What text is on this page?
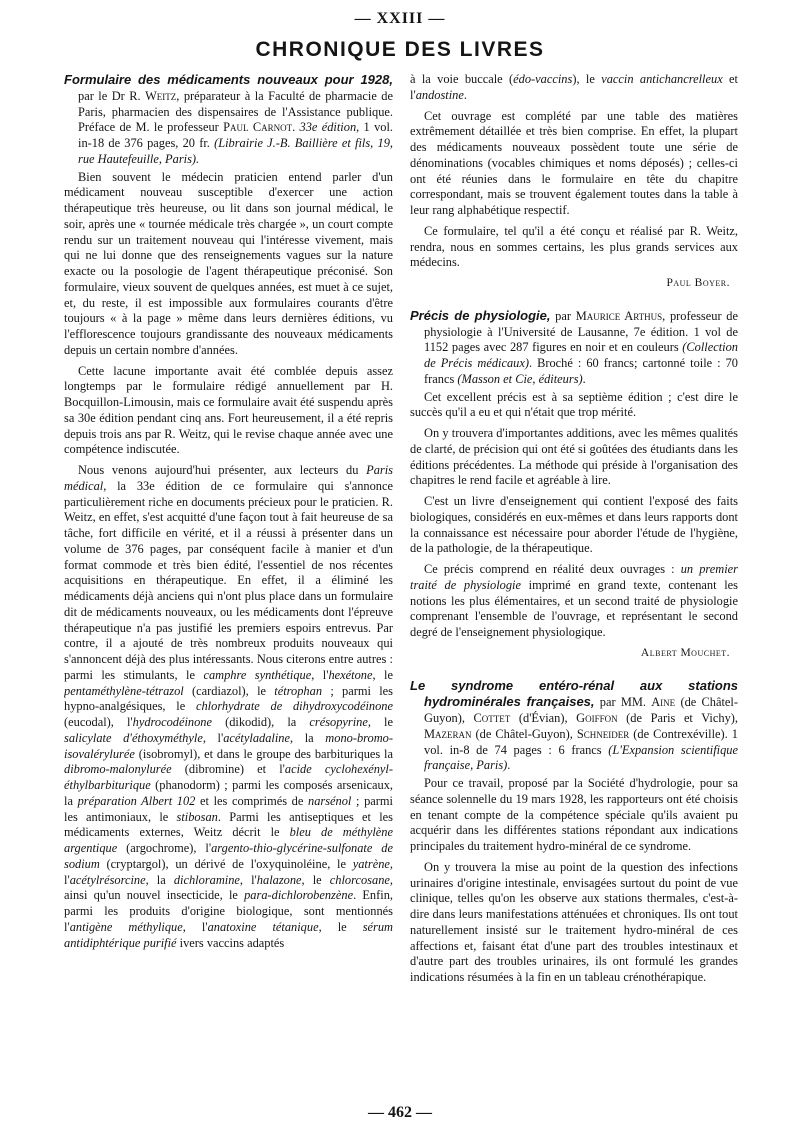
— XXIII —
CHRONIQUE DES LIVRES

Formulaire des médicaments nouveaux pour 1928, par le Dr R. Weitz, préparateur à la Faculté de pharmacie de Paris, pharmacien des dispensaires de l'Assistance publique. Préface de M. le professeur Paul Carnot. 33e édition, 1 vol. in-18 de 376 pages, 20 fr. (Librairie J.-B. Baillière et fils, 19, rue Hautefeuille, Paris).

Bien souvent le médecin praticien entend parler d'un médicament nouveau susceptible d'exercer une action thérapeutique très heureuse, ou lit dans son journal médical, le soir, après une « tournée médicale très chargée », un court compte rendu sur un traitement nouveau qui l'intéresse vivement, mais qui ne lui donne que des renseignements vagues sur la nature exacte ou la posologie de l'agent thérapeutique préconisé. Son formulaire, vieux souvent de quelques années, est muet à ce sujet, et, du reste, il est impossible aux formulaires courants d'être toujours « à la page » même dans leurs dernières éditions, vu l'efflorescence toujours grandissante des nouveaux médicaments depuis un certain nombre d'années.

Cette lacune importante avait été comblée depuis assez longtemps par le formulaire rédigé annuellement par H. Bocquillon-Limousin, mais ce formulaire avait été suspendu après sa 30e édition pendant cinq ans. Fort heureusement, il a été repris depuis trois ans par R. Weitz, qui le revise chaque année avec une compétence indiscutée.

Nous venons aujourd'hui présenter, aux lecteurs du Paris médical, la 33e édition de ce formulaire qui s'annonce particulièrement riche en documents précieux pour le praticien. R. Weitz, en effet, s'est acquitté d'une façon tout à fait heureuse de sa tâche, fort difficile en vérité, et il a réussi à présenter dans un volume de 376 pages, par conséquent facile à manier et d'un format commode et très bien édité, l'essentiel de nos récentes acquisitions en thérapeutique. En effet, il a éliminé les médicaments déjà anciens qui n'ont plus place dans un formulaire dit de médicaments nouveaux, ou les médicaments dont l'épreuve thérapeutique n'a pas justifié les premiers espoirs entrevus. Par contre, il a ajouté de très nombreux produits nouveaux qui s'annoncent déjà des plus intéressants. Nous citerons entre autres : parmi les stimulants, le camphre synthétique, l'hexétone, le pentaméthylène-tétrazol (cardiazol), le tétrophan ; parmi les hypno-analgésiques, le chlorhydrate de dihydroxycodéinone (eucodal), l'hydrocodéinone (dikodid), la crésopyrine, le salicylate d'éthoxyméthyle, l'acétyladaline, la mono-bromo-isovalérylurée (isobromyl), et dans le groupe des barbituriques la dibromo-malonylurée (dibromine) et l'acide cyclohexényl-éthylbarbiturique (phanodorm) ; parmi les composés arsenicaux, la préparation Albert 102 et les comprimés de narsénol ; parmi les antimoniaux, le stibosan. Parmi les antiseptiques et les médicaments externes, Weitz décrit le bleu de méthylène argentique (argochrome), l'argento-thio-glycérine-sulfonate de sodium (cryptargol), un dérivé de l'oxyquinoléine, le yatrène, l'acétylrésorcine, la dichloramine, l'halazone, le chlorcosane, ainsi qu'un nouvel insecticide, le para-dichlorobenzène. Enfin, parmi les produits d'origine biologique, sont mentionnés l'antigène méthylique, l'anatoxine tétanique, le sérum antidiphtérique purifié ivers vaccins adaptés

à la voie buccale (édo-vaccins), le vaccin antichancrelleux et l'andostine.

Cet ouvrage est complété par une table des matières extrêmement détaillée et très bien comprise. En effet, la plupart des médicaments nouveaux possèdent toute une série de dénominations (vocables chimiques et noms déposés) ; celles-ci ont été réunies dans le formulaire en tête du chapitre correspondant, mais se trouvent également toutes dans la table à leur rang alphabétique respectif.

Ce formulaire, tel qu'il a été conçu et réalisé par R. Weitz, rendra, nous en sommes certains, les plus grands services aux médecins.

Paul Boyer.

Précis de physiologie, par Maurice Arthus, professeur de physiologie à l'Université de Lausanne, 7e édition. 1 vol de 1152 pages avec 287 figures en noir et en couleurs (Collection de Précis médicaux). Broché : 60 francs; cartonné toile : 70 francs (Masson et Cie, éditeurs).

Cet excellent précis est à sa septième édition ; c'est dire le succès qu'il a eu et qui n'était que trop mérité.

On y trouvera d'importantes additions, avec les mêmes qualités de clarté, de précision qui ont été si goûtées des étudiants dans les éditions précédentes. La méthode qui préside à l'organisation des chapitres le rend facile et agréable à lire.

C'est un livre d'enseignement qui contient l'exposé des faits biologiques, considérés en eux-mêmes et dans leurs rapports dont la connaissance est nécessaire pour aborder l'étude de l'hygiène, de la pathologie, de la thérapeutique.

Ce précis comprend en réalité deux ouvrages : un premier traité de physiologie imprimé en grand texte, contenant les notions les plus élémentaires, et un second traité de physiologie comprenant l'ensemble de l'ouvrage, et représentant le second degré de l'enseignement physiologique.

Albert Mouchet.

Le syndrome entéro-rénal aux stations hydrominérales françaises, par MM. Aine (de Châtel-Guyon), Cottet (d'Évian), Goiffon (de Paris et Vichy), Mazeran (de Châtel-Guyon), Schneider (de Contrexéville). 1 vol. in-8 de 74 pages : 6 francs (L'Expansion scientifique française, Paris).

Pour ce travail, proposé par la Société d'hydrologie, pour sa séance solennelle du 19 mars 1928, les rapporteurs ont été choisis en tenant compte de la compétence spéciale qu'ils avaient pu acquérir dans les différentes stations répondant aux indications principales du traitement hydro-minéral de ce syndrome.

On y trouvera la mise au point de la question des infections urinaires d'origine intestinale, envisagées surtout du point de vue clinique, telles qu'on les observe aux stations thermales, c'est-à-dire dans leurs manifestations atténuées et chroniques. Ils ont tout naturellement insisté sur le traitement hydro-minéral de ces affections et, faisant état d'une part des troubles intestinaux et d'autre part des troubles urinaires, ils ont formulé les grandes indications résumées à la fin en un tableau crénothérapique.

— 462 —
